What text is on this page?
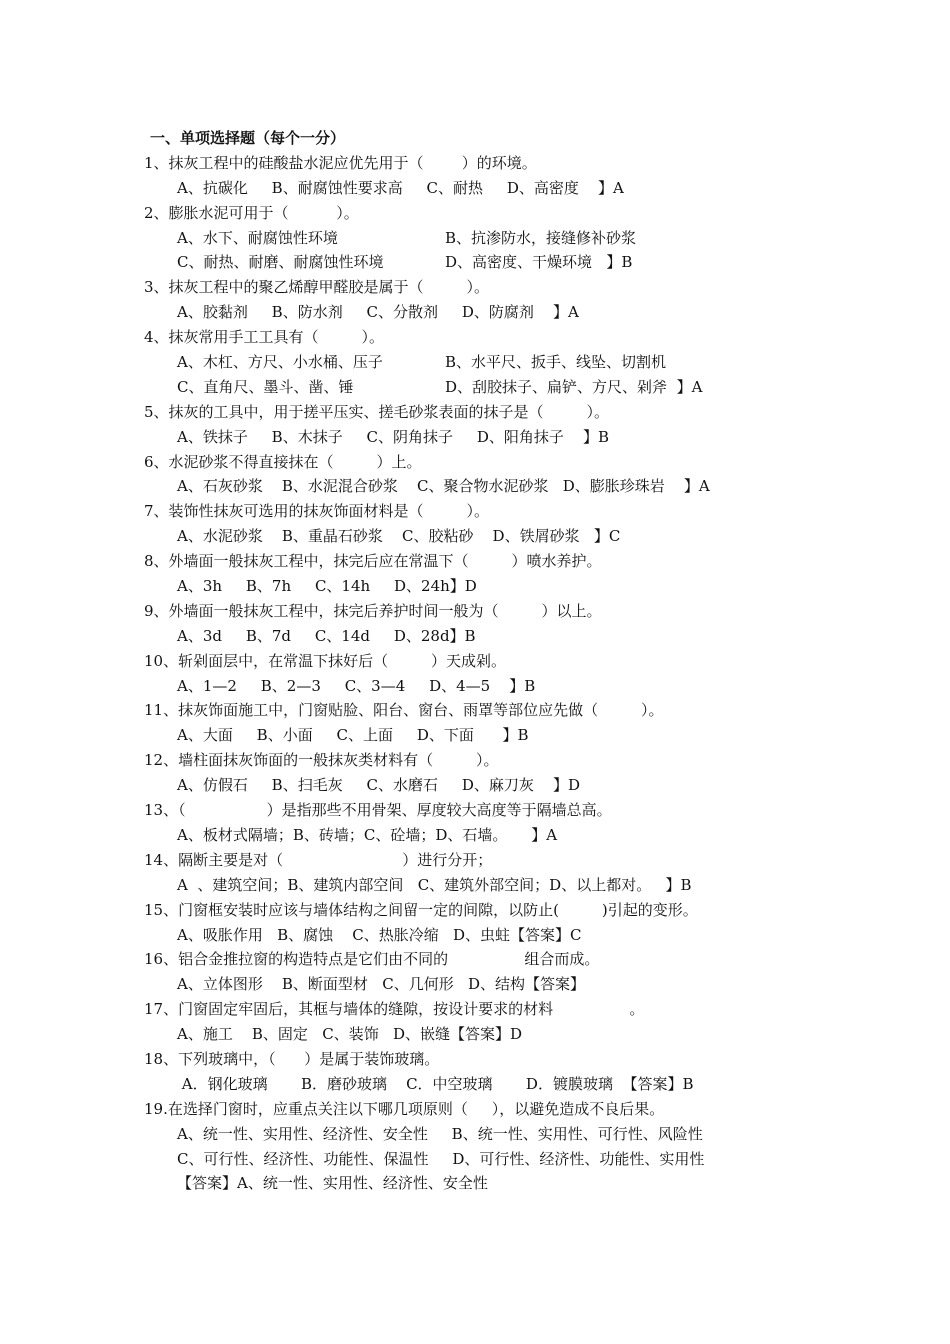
一、单项选择题（每个一分）
1、抹灰工程中的硅酸盐水泥应优先用于（        ）的环境。
A、抗碳化     B、耐腐蚀性要求高     C、耐热     D、高密度    】A
2、膨胀水泥可用于（          ）。
A、水下、耐腐蚀性环境	B、抗渗防水，接缝修补砂浆
C、耐热、耐磨、耐腐蚀性环境	D、高密度、干燥环境   】B
3、抹灰工程中的聚乙烯醇甲醛胶是属于（         ）。
A、胶黏剂     B、防水剂     C、分散剂     D、防腐剂    】A
4、抹灰常用手工工具有（         ）。
A、木杠、方尺、小水桶、压子	B、水平尺、扳手、线坠、切割机
C、直角尺、墨斗、凿、锤	D、刮胶抹子、扁铲、方尺、剁斧  】A
5、抹灰的工具中，用于搓平压实、搓毛砂浆表面的抹子是（         ）。
A、铁抹子     B、木抹子     C、阴角抹子     D、阳角抹子    】B
6、水泥砂浆不得直接抹在（         ）上。
A、石灰砂浆    B、水泥混合砂浆    C、聚合物水泥砂浆   D、膨胀珍珠岩    】A
7、装饰性抹灰可选用的抹灰饰面材料是（         ）。
A、水泥砂浆    B、重晶石砂浆    C、胶粘砂    D、铁屑砂浆   】C
8、外墙面一般抹灰工程中，抹完后应在常温下（         ）喷水养护。
A、3h     B、7h     C、14h     D、24h】D
9、外墙面一般抹灰工程中，抹完后养护时间一般为（         ）以上。
A、3d     B、7d     C、14d     D、28d】B
10、斩剁面层中，在常温下抹好后（         ）天成剁。
A、1—2     B、2—3     C、3—4     D、4—5    】B
11、抹灰饰面施工中，门窗贴脸、阳台、窗台、雨罩等部位应先做（         ）。
A、大面     B、小面     C、上面     D、下面      】B
12、墙柱面抹灰饰面的一般抹灰类材料有（         ）。
A、仿假石     B、扫毛灰     C、水磨石     D、麻刀灰    】D
13、（                 ）是指那些不用骨架、厚度较大高度等于隔墙总高。
A、板材式隔墙；B、砖墙；C、砼墙；D、石墙。     】A
14、隔断主要是对（                         ）进行分开；
A  、建筑空间；B、建筑内部空间   C、建筑外部空间；D、以上都对。   】B
15、门窗框安装时应该与墙体结构之间留一定的间隙，以防止(         )引起的变形。
A、吸胀作用   B、腐蚀    C、热胀冷缩   D、虫蛀【答案】C
16、铝合金推拉窗的构造特点是它们由不同的                组合而成。
A、立体图形    B、断面型材   C、几何形   D、结构【答案】
17、门窗固定牢固后，其框与墙体的缝隙，按设计要求的材料                。
A、施工    B、固定   C、装饰   D、嵌缝【答案】D
18、下列玻璃中，（      ）是属于装饰玻璃。
A．钢化玻璃       B．磨砂玻璃    C．中空玻璃       D．镀膜玻璃  【答案】B
19.在选择门窗时，应重点关注以下哪几项原则（     ），以避免造成不良后果。
A、统一性、实用性、经济性、安全性     B、统一性、实用性、可行性、风险性
C、可行性、经济性、功能性、保温性     D、可行性、经济性、功能性、实用性
【答案】A、统一性、实用性、经济性、安全性
